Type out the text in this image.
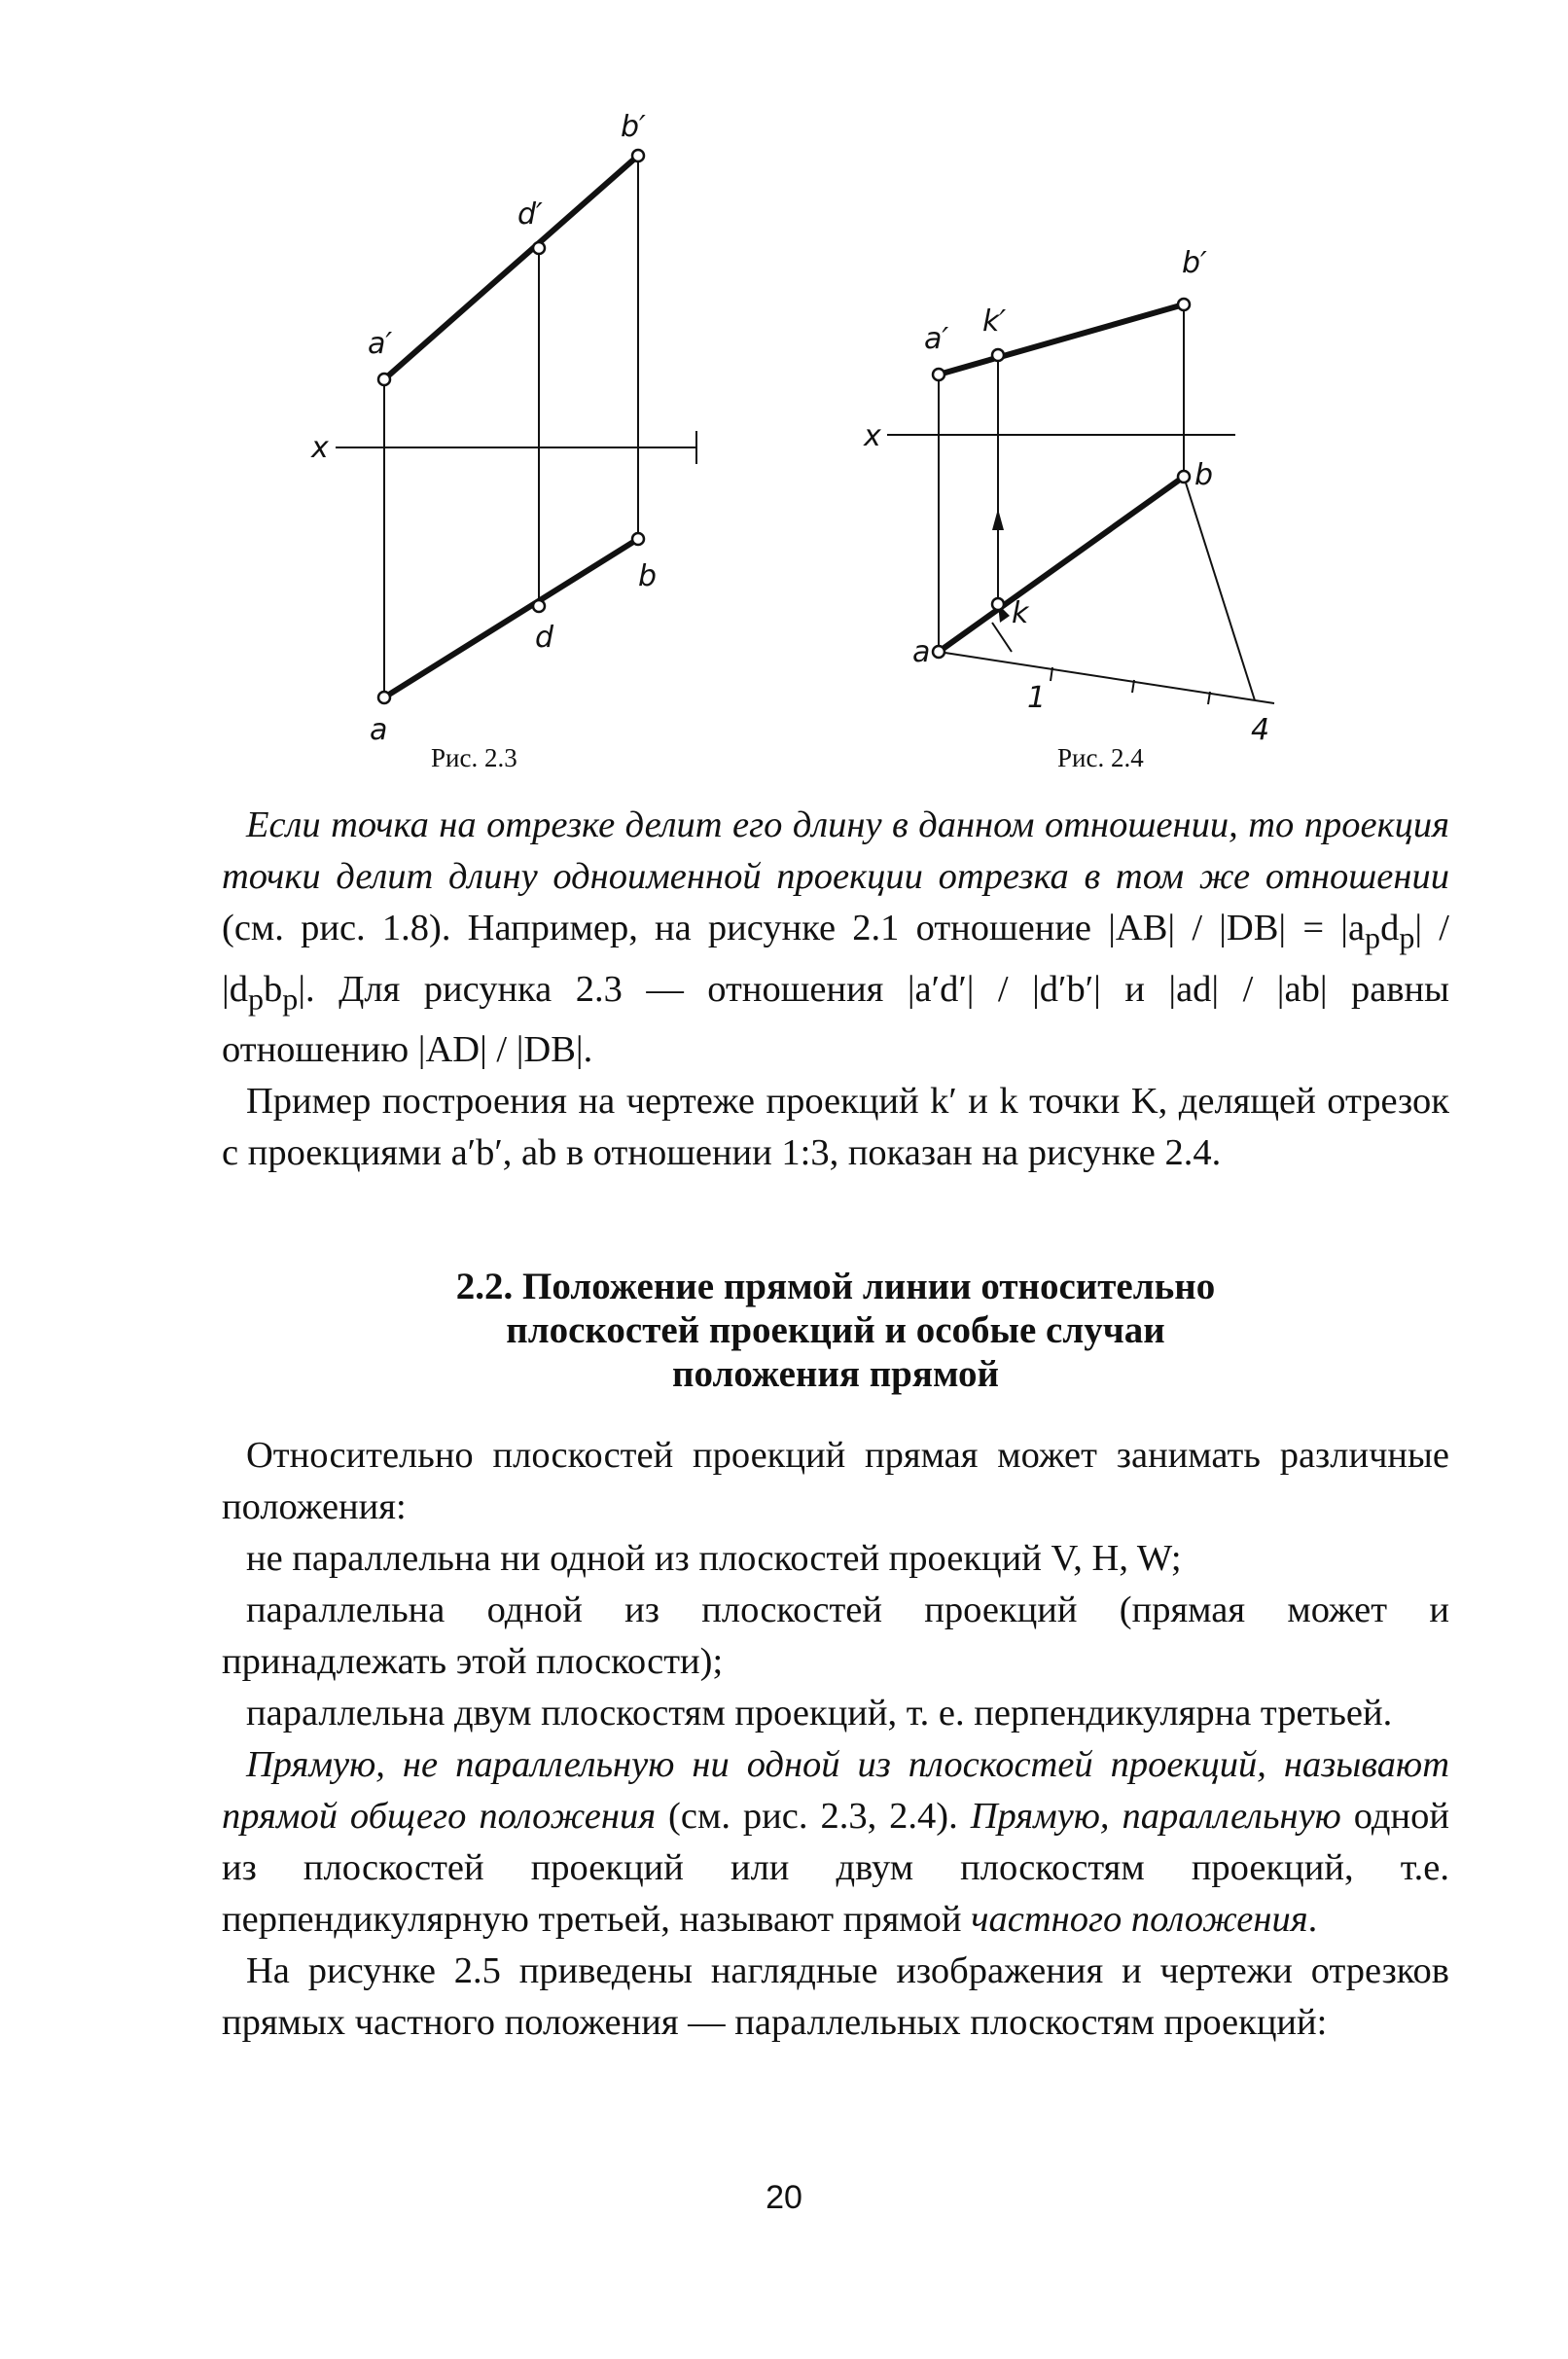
b′
d′
a′
x
b
d
a
Рис. 2.3
b′
a′
k′
x
b
k
a
1
4
Рис. 2.4

Если точка на отрезке делит его длину в данном отношении, то проекция точки делит длину одноименной проекции отрезка в том же отношении (см. рис. 1.8). Например, на рисунке 2.1 отношение $|AB| / |DB| = |a_pd_p| / |d_pb_p|$. Для рисунка 2.3 — отношения |a′d′| / |d′b′| и |ad| / |ab| равны отношению |AD| / |DB|.

Пример построения на чертеже проекций k′ и k точки K, делящей отрезок с проекциями a′b′, ab в отношении 1:3, показан на рисунке 2.4.

2.2. Положение прямой линии относительно
плоскостей проекций и особые случаи
положения прямой

Относительно плоскостей проекций прямая может занимать различные положения:

не параллельна ни одной из плоскостей проекций V, H, W;

параллельна одной из плоскостей проекций (прямая может и принадлежать этой плоскости);

параллельна двум плоскостям проекций, т. е. перпендикулярна третьей.

Прямую, не параллельную ни одной из плоскостей проекций, называют прямой общего положения (см. рис. 2.3, 2.4). Прямую, параллельную одной из плоскостей проекций или двум плоскостям проекций, т.е. перпендикулярную третьей, называют прямой частного положения.

На рисунке 2.5 приведены наглядные изображения и чертежи отрезков прямых частного положения — параллельных плоскостям проекций:

20
